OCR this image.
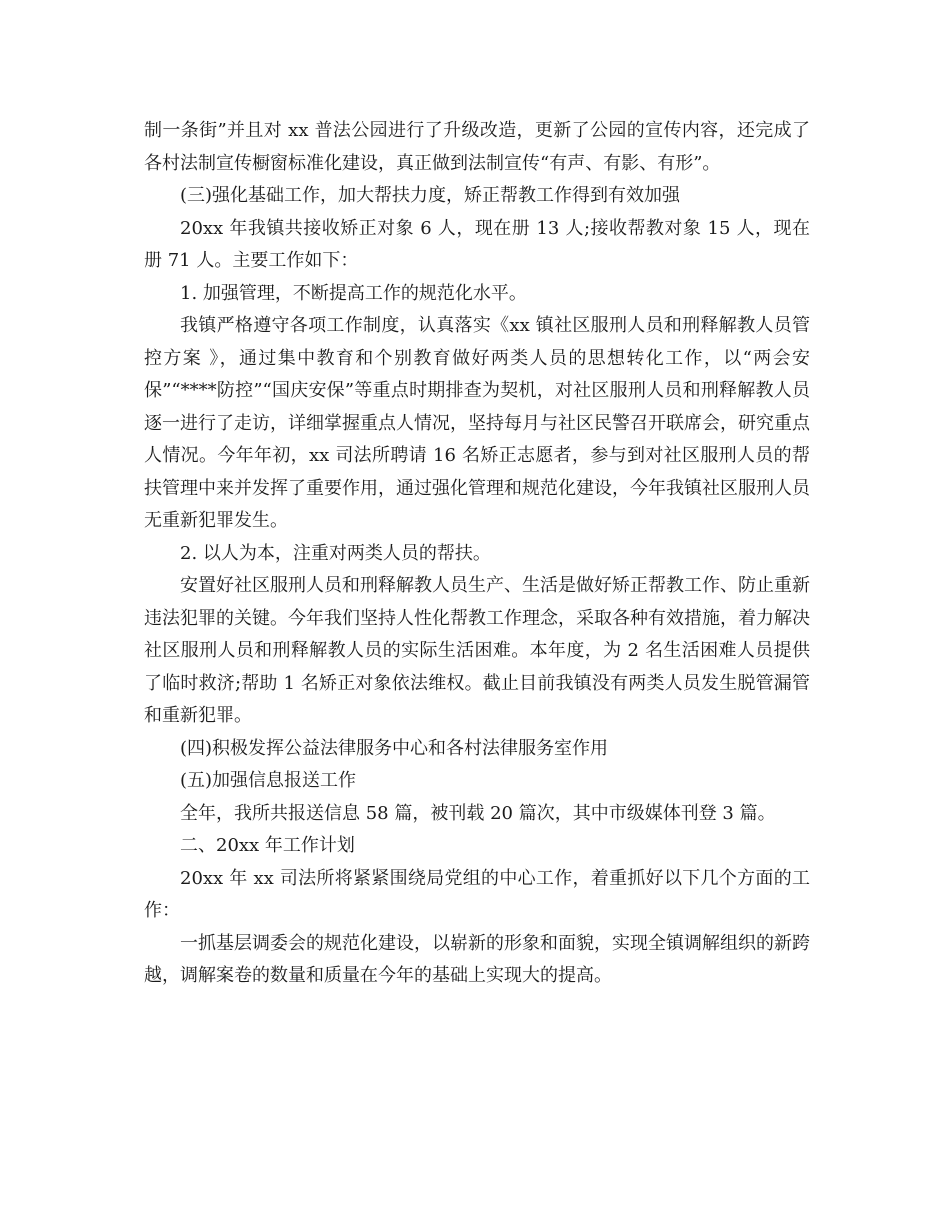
制一条街”并且对 xx 普法公园进行了升级改造，更新了公园的宣传内容，还完成了各村法制宣传橱窗标准化建设，真正做到法制宣传“有声、有影、有形”。

(三)强化基础工作，加大帮扶力度，矫正帮教工作得到有效加强

20xx 年我镇共接收矫正对象 6 人，现在册 13 人;接收帮教对象 15 人，现在册 71 人。主要工作如下：

1. 加强管理，不断提高工作的规范化水平。

我镇严格遵守各项工作制度，认真落实《xx 镇社区服刑人员和刑释解教人员管控方案 》，通过集中教育和个别教育做好两类人员的思想转化工作，以“两会安保”“****防控”“国庆安保”等重点时期排查为契机，对社区服刑人员和刑释解教人员逐一进行了走访，详细掌握重点人情况，坚持每月与社区民警召开联席会，研究重点人情况。今年年初，xx 司法所聘请 16 名矫正志愿者，参与到对社区服刑人员的帮扶管理中来并发挥了重要作用，通过强化管理和规范化建设，今年我镇社区服刑人员无重新犯罪发生。

2. 以人为本，注重对两类人员的帮扶。

安置好社区服刑人员和刑释解教人员生产、生活是做好矫正帮教工作、防止重新违法犯罪的关键。今年我们坚持人性化帮教工作理念，采取各种有效措施，着力解决社区服刑人员和刑释解教人员的实际生活困难。本年度，为 2 名生活困难人员提供了临时救济;帮助 1 名矫正对象依法维权。截止目前我镇没有两类人员发生脱管漏管和重新犯罪。

(四)积极发挥公益法律服务中心和各村法律服务室作用

(五)加强信息报送工作

全年，我所共报送信息 58 篇，被刊载 20 篇次，其中市级媒体刊登 3 篇。

二、20xx 年工作计划

20xx 年 xx 司法所将紧紧围绕局党组的中心工作，着重抓好以下几个方面的工作：

一抓基层调委会的规范化建设，以崭新的形象和面貌，实现全镇调解组织的新跨越，调解案卷的数量和质量在今年的基础上实现大的提高。
